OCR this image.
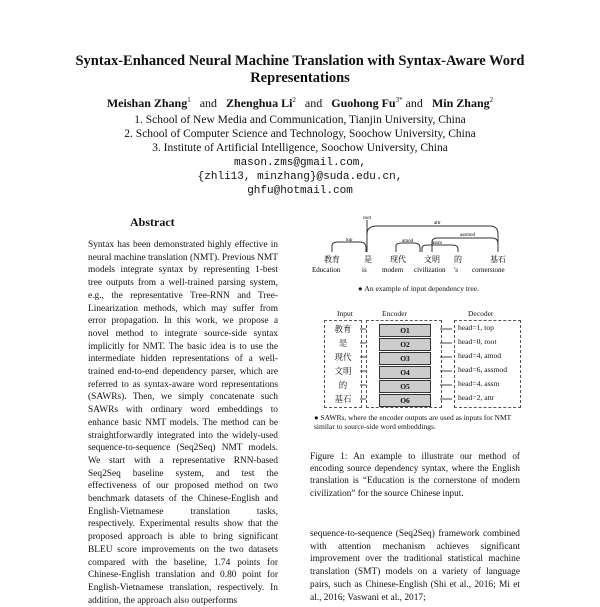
Syntax-Enhanced Neural Machine Translation with Syntax-Aware Word Representations
Meishan Zhang$^1$ and Zhenghua Li$^2$ and Guohong $Fu^{3*}$ and Min Zhang$^2$
1. School of New Media and Communication, Tianjin University, China
2. School of Computer Science and Technology, Soochow University, China
3. Institute of Artificial Intelligence, Soochow University, China
mason.zms@gmail.com,
{zhli13, minzhang}@suda.edu.cn,
ghfu@hotmail.com
Abstract
Syntax has been demonstrated highly effective in neural machine translation (NMT). Previous NMT models integrate syntax by representing 1-best tree outputs from a well-trained parsing system, e.g., the representative Tree-RNN and Tree-Linearization methods, which may suffer from error propagation. In this work, we propose a novel method to integrate source-side syntax implicitly for NMT. The basic idea is to use the intermediate hidden representations of a well-trained end-to-end dependency parser, which are referred to as syntax-aware word representations (SAWRs). Then, we simply concatenate such SAWRs with ordinary word embeddings to enhance basic NMT models. The method can be straightforwardly integrated into the widely-used sequence-to-sequence (Seq2Seq) NMT models. We start with a representative RNN-based Seq2Seq baseline system, and test the effectiveness of our proposed method on two benchmark datasets of the Chinese-English and English-Vietnamese translation tasks, respectively. Experimental results show that the proposed approach is able to bring significant BLEU score improvements on the two datasets compared with the baseline, 1.74 points for Chinese-English translation and 0.80 point for English-Vietnamese translation, respectively. In addition, the approach also outperforms
root
attr
assmod
top	amod	assm
教育	是 现代 文明 的	基石
Education	is modern civilization 's cornerstone
● An example of input dependency tree.
Input	Encoder	Decoder
教育
是
现代
文明
的
基石
O1
O2
O3
O4
O5
O6
head=1, top
head=0, root
head=4, amod
head=6, assmod
head=4, assm
head=2, attr
● SAWRs, where the encoder outputs are used as inputs for NMT similar to source-side word embeddings.
Figure 1: An example to illustrate our method of encoding source dependency syntax, where the English translation is “Education is the cornerstone of modern civilization” for the source Chinese input.
sequence-to-sequence (Seq2Seq) framework combined with attention mechanism achieves significant improvement over the traditional statistical machine translation (SMT) models on a variety of language pairs, such as Chinese-English (Shi et al., 2016; Mi et al., 2016; Vaswani et al., 2017;
